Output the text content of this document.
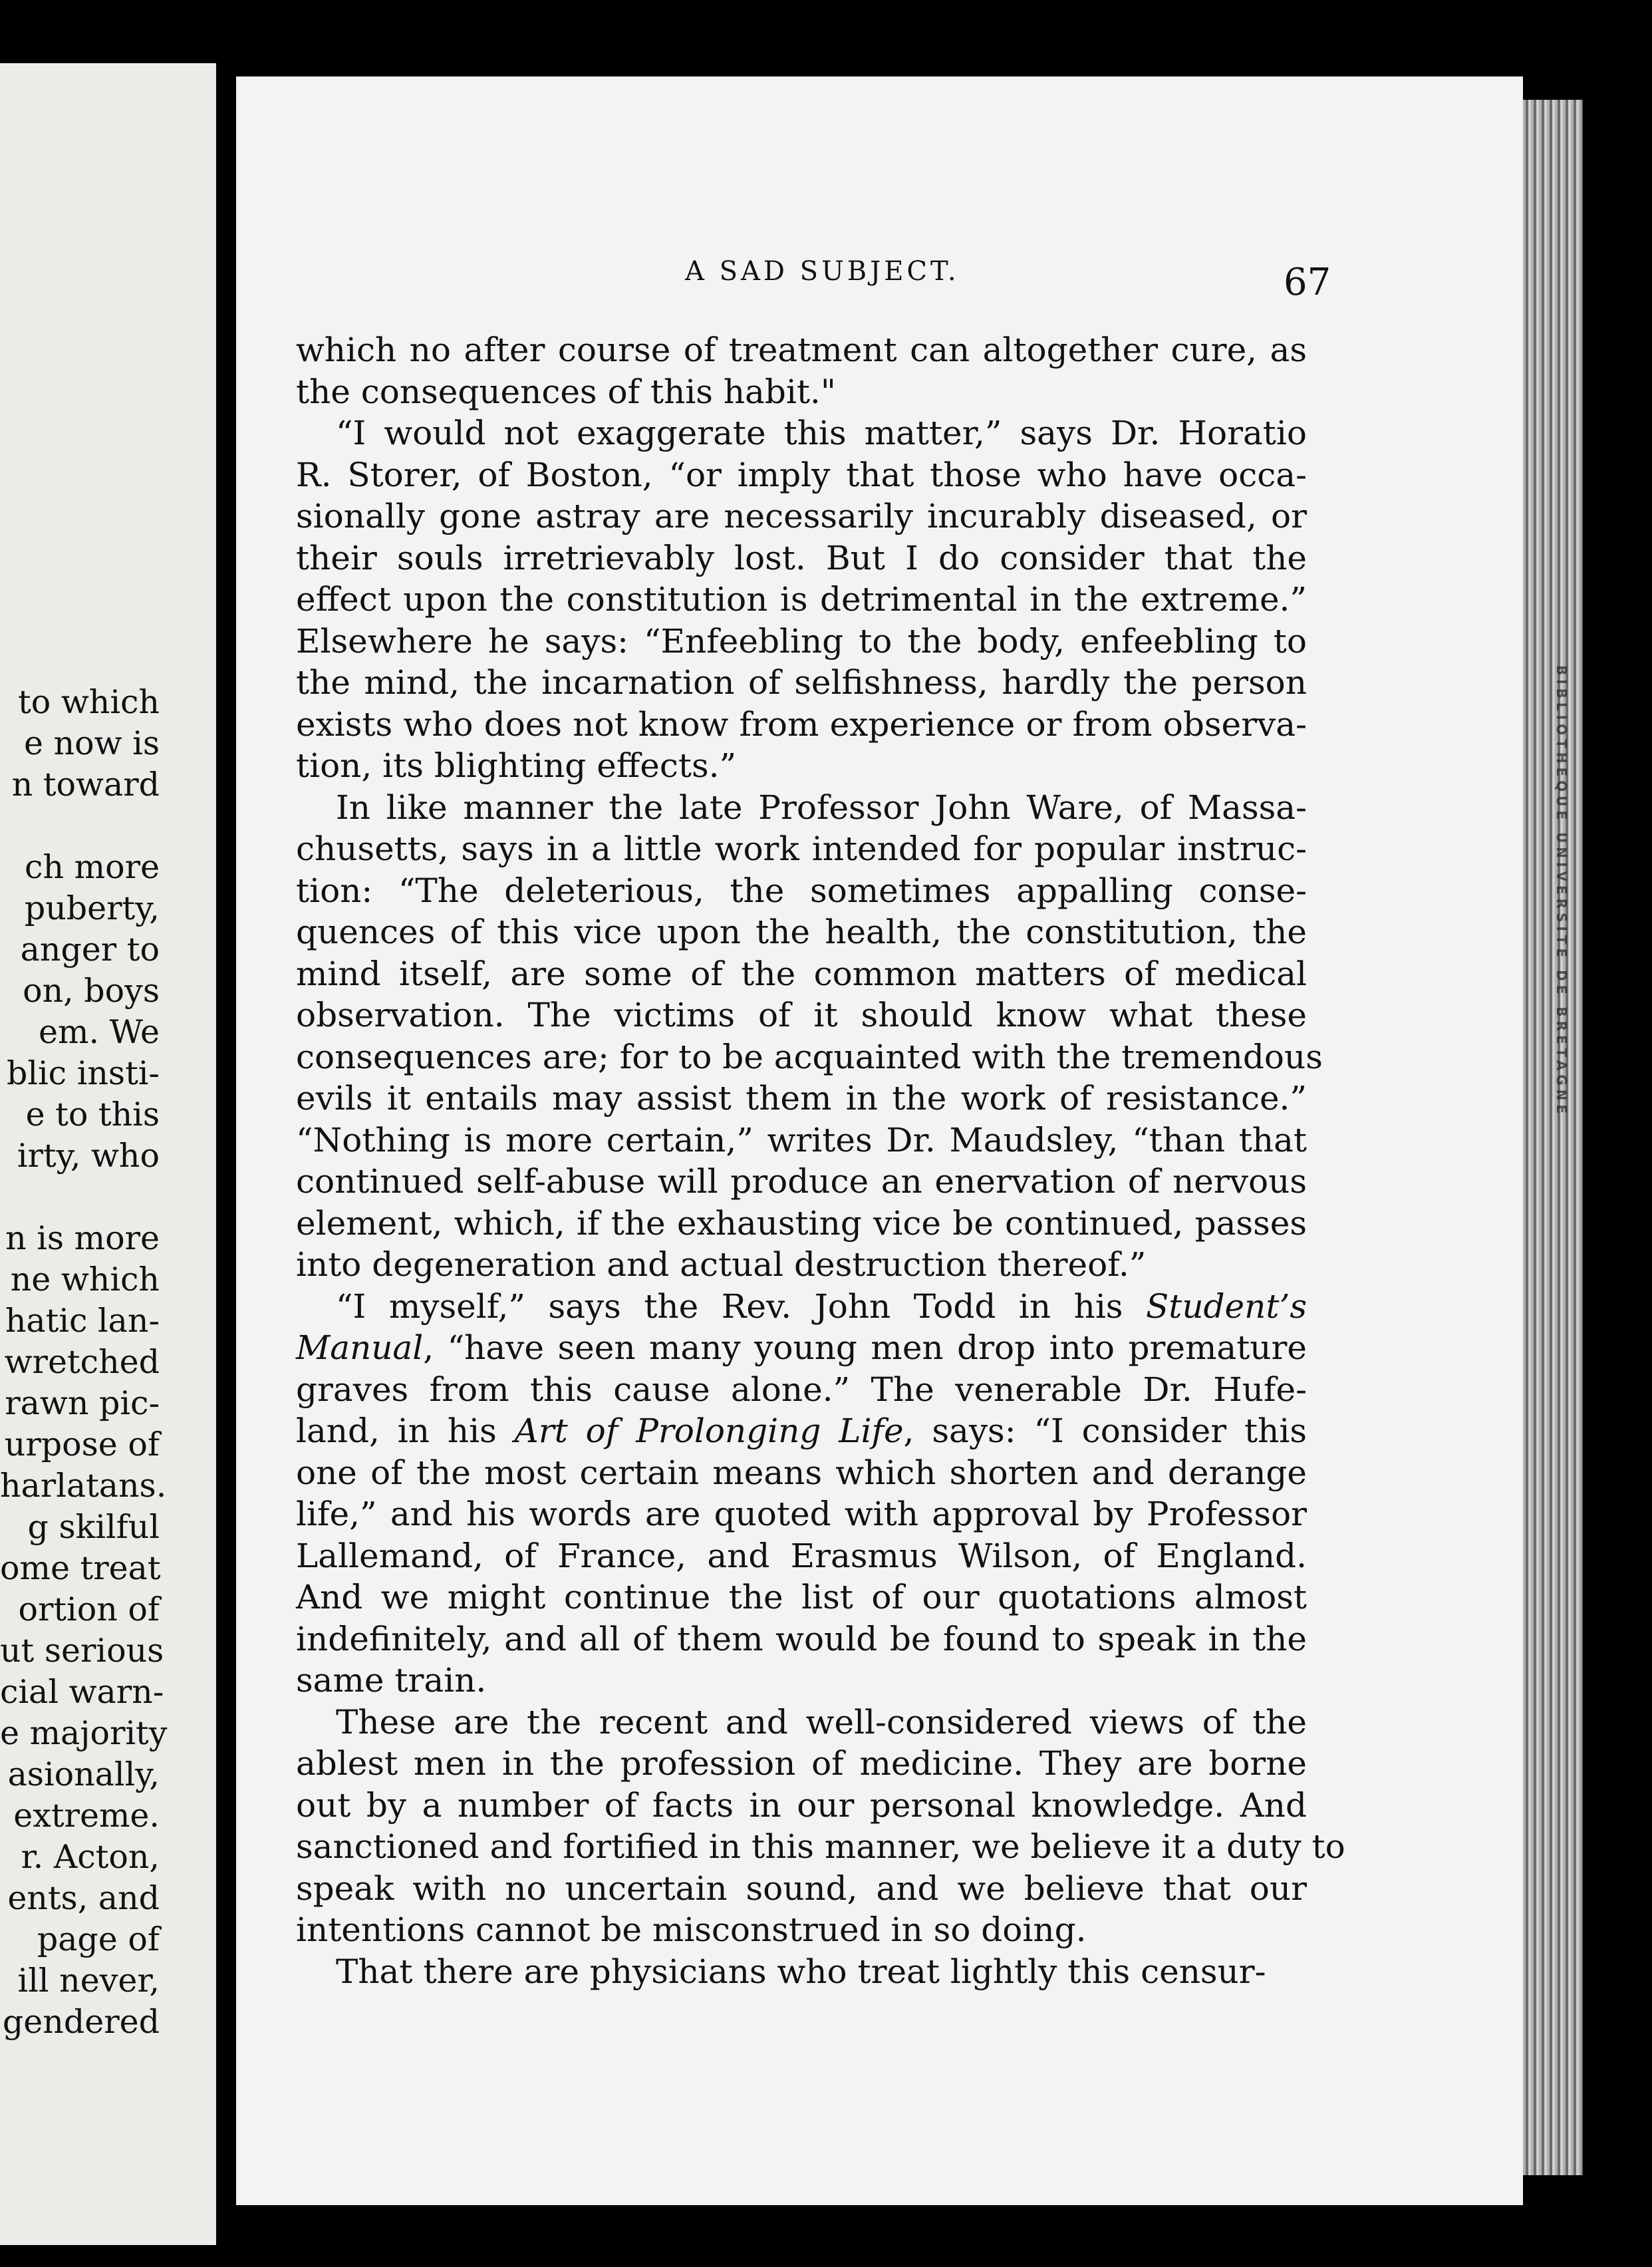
to which
e now is
n toward
ch more
puberty,
anger to
on, boys
em. We
blic insti-
e to this
irty, who
n is more
ne which
hatic lan-
wretched
rawn pic-
urpose of
harlatans.
g skilful
ome treat
ortion of
ut serious
cial warn-
e majority
asionally,
extreme.
r. Acton,
ents, and
page of
ill never,
gendered
BIBLIOTHEQUE UNIVERSITE DE BRETAGNE
A SAD SUBJECT.	67
which no after course of treatment can altogether cure, as
the consequences of this habit."
“I would not exaggerate this matter,” says Dr. Horatio
R. Storer, of Boston, “or imply that those who have occa-
sionally gone astray are necessarily incurably diseased, or
their souls irretrievably lost. But I do consider that the
effect upon the constitution is detrimental in the extreme.”
Elsewhere he says: “Enfeebling to the body, enfeebling to
the mind, the incarnation of selfishness, hardly the person
exists who does not know from experience or from observa-
tion, its blighting effects.”
In like manner the late Professor John Ware, of Massa-
chusetts, says in a little work intended for popular instruc-
tion: “The deleterious, the sometimes appalling conse-
quences of this vice upon the health, the constitution, the
mind itself, are some of the common matters of medical
observation. The victims of it should know what these
consequences are; for to be acquainted with the tremendous
evils it entails may assist them in the work of resistance.”
“Nothing is more certain,” writes Dr. Maudsley, “than that
continued self-abuse will produce an enervation of nervous
element, which, if the exhausting vice be continued, passes
into degeneration and actual destruction thereof.”
“I myself,” says the Rev. John Todd in his Student’s
Manual, “have seen many young men drop into premature
graves from this cause alone.” The venerable Dr. Hufe-
land, in his Art of Prolonging Life, says: “I consider this
one of the most certain means which shorten and derange
life,” and his words are quoted with approval by Professor
Lallemand, of France, and Erasmus Wilson, of England.
And we might continue the list of our quotations almost
indefinitely, and all of them would be found to speak in the
same train.
These are the recent and well-considered views of the
ablest men in the profession of medicine. They are borne
out by a number of facts in our personal knowledge. And
sanctioned and fortified in this manner, we believe it a duty to
speak with no uncertain sound, and we believe that our
intentions cannot be misconstrued in so doing.
That there are physicians who treat lightly this censur-
